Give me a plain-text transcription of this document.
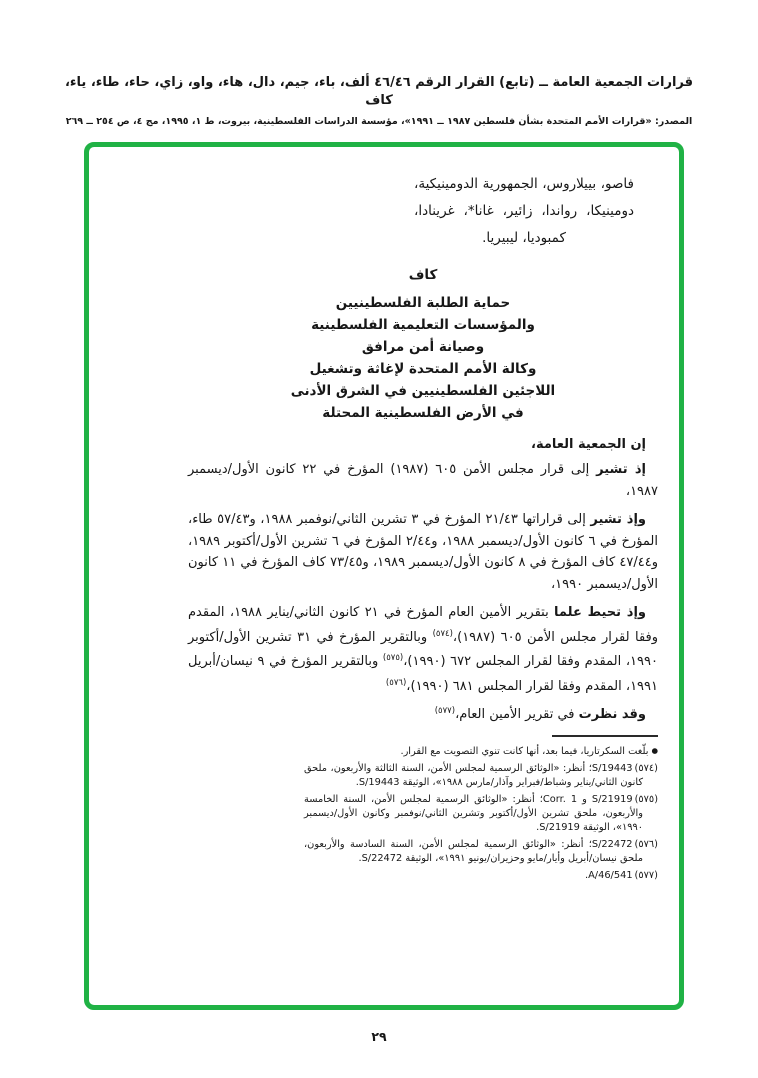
قرارات الجمعية العامة ــ (تابع) القرار الرقم ٤٦/٤٦ ألف، باء، جيم، دال، هاء، واو، زاي، حاء، طاء، ياء، كاف
المصدر: «قرارات الأمم المتحدة بشأن فلسطين ١٩٨٧ ــ ١٩٩١»، مؤسسة الدراسات الفلسطينية، بيروت، ط ١، ١٩٩٥، مج ٤، ص ٢٥٤ ــ ٢٦٩
فاصو، بييلاروس، الجمهورية الدومينيكية، دومينيكا، رواندا، زائير، غانا*، غرينادا، كمبوديا، ليبيريا.
كاف
حماية الطلبة الفلسطينيين
والمؤسسات التعليمية الفلسطينية
وصيانة أمن مرافق
وكالة الأمم المتحدة لإغاثة وتشغيل
اللاجئين الفلسطينيين في الشرق الأدنى
في الأرض الفلسطينية المحتلة
إن الجمعية العامة،

إذ تشير إلى قرار مجلس الأمن ٦٠٥ (١٩٨٧) المؤرخ في ٢٢ كانون الأول/ديسمبر ١٩٨٧،

وإذ تشير إلى قراراتها ٢١/٤٣ المؤرخ في ٣ تشرين الثاني/نوفمبر ١٩٨٨، و٥٧/٤٣ طاء، المؤرخ في ٦ كانون الأول/ديسمبر ١٩٨٨، و٢/٤٤ المؤرخ في ٦ تشرين الأول/أكتوبر ١٩٨٩، و٤٧/٤٤ كاف المؤرخ في ٨ كانون الأول/ديسمبر ١٩٨٩، و٧٣/٤٥ كاف المؤرخ في ١١ كانون الأول/ديسمبر ١٩٩٠،

وإذ تحيط علما بتقرير الأمين العام المؤرخ في ٢١ كانون الثاني/يناير ١٩٨٨، المقدم وفقا لقرار مجلس الأمن ٦٠٥ (١٩٨٧)،$^{(٥٧٤)}$ وبالتقرير المؤرخ في ٣١ تشرين الأول/أكتوبر ١٩٩٠، المقدم وفقا لقرار المجلس ٦٧٢ (١٩٩٠)،$^{(٥٧٥)}$ وبالتقرير المؤرخ في ٩ نيسان/أبريل ١٩٩١، المقدم وفقا لقرار المجلس ٦٨١ (١٩٩٠)،$^{(٥٧٦)}$

وقد نظرت في تقرير الأمين العام،$^{(٥٧٧)}$

●بلّغت السكرتاريا، فيما بعد، أنها كانت تنوي التصويت مع القرار.
(٥٧٤)S/19443؛ أنظر: «الوثائق الرسمية لمجلس الأمن، السنة الثالثة والأربعون، ملحق كانون الثاني/يناير وشباط/فبراير وآذار/مارس ١٩٨٨»، الوثيقة S/19443.
(٥٧٥)S/21919 و Corr. 1؛ أنظر: «الوثائق الرسمية لمجلس الأمن، السنة الخامسة والأربعون، ملحق تشرين الأول/أكتوبر وتشرين الثاني/نوفمبر وكانون الأول/ديسمبر ١٩٩٠»، الوثيقة S/21919.
(٥٧٦)S/22472؛ أنظر: «الوثائق الرسمية لمجلس الأمن، السنة السادسة والأربعون، ملحق نيسان/أبريل وأيار/مايو وحزيران/يونيو ١٩٩١»، الوثيقة S/22472.
(٥٧٧)A/46/541.
٢٩
